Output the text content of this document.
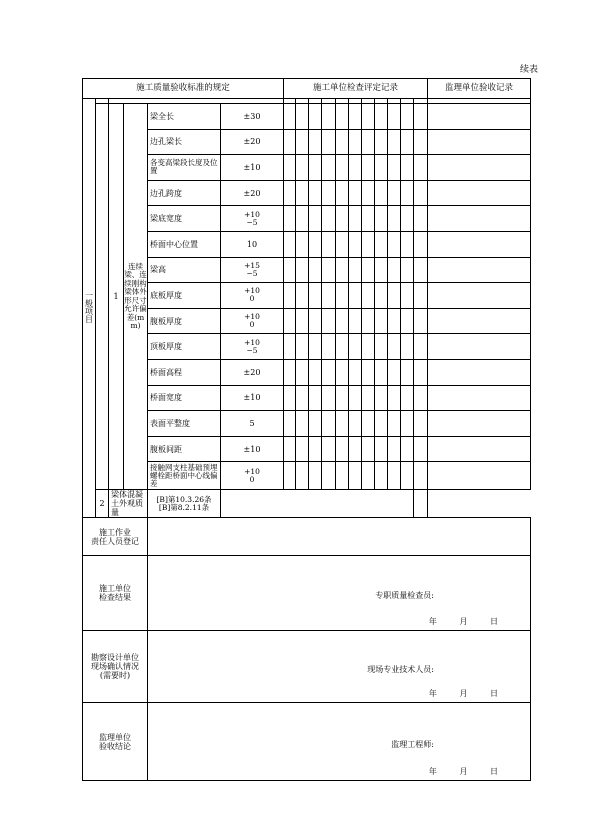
续表
施工质量验收标准的规定						施工单位检查评定记录											监理单位验收记录
一般项目																	
		1	连续梁、连续刚构梁体外形尺寸允许偏差(mm)	梁全长	±30												
				边孔梁长	±20												
				各变高梁段长度及位置	±10												
				边孔跨度	±20												
				梁底宽度	+10
−5												
				桥面中心位置	10												
				梁高	+15
−5												
				底板厚度	+10
0												
				腹板厚度	+10
0												
				顶板厚度	+10
−5												
				桥面高程	±20												
				桥面宽度	±10												
				表面平整度	5												
				腹板间距	±10												
				接触网支柱基础预埋螺栓距桥面中心线偏差	+10
0												
	2	梁体混凝土外观质量		[B]第10.3.26条
[B]第8.2.11条													
施工作业
责任人员登记																	
施工单位
检查结果				专职质量检查员:
年 月 日													

勘察设计单位
现场确认情况
(需要时)				现场专业技术人员:
年 月 日													

监理单位
验收结论				监理工程师:
年 月 日													
